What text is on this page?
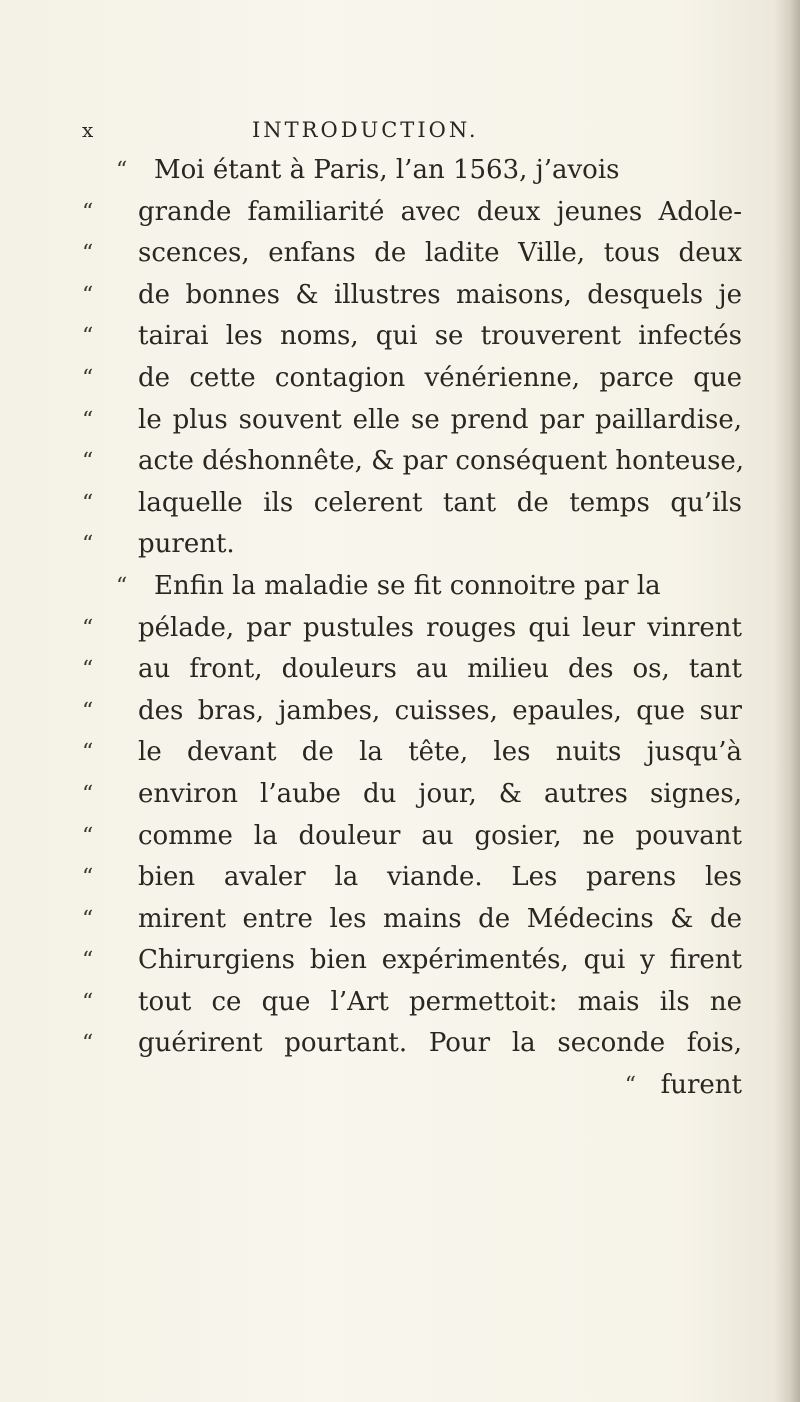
x	INTRODUCTION.
“ Moi étant à Paris, l’an 1563, j’avois
“ grande familiarité avec deux jeunes Adole-
“ scences, enfans de ladite Ville, tous deux
“ de bonnes & illustres maisons, desquels je
“ tairai les noms, qui se trouverent infectés
“ de cette contagion vénérienne, parce que
“ le plus souvent elle se prend par paillardise,
“ acte déshonnête, & par conséquent honteuse,
“ laquelle ils celerent tant de temps qu’ils
“ purent.
“ Enfin la maladie se fit connoitre par la
“ pélade, par pustules rouges qui leur vinrent
“ au front, douleurs au milieu des os, tant
“ des bras, jambes, cuisses, epaules, que sur
“ le devant de la tête, les nuits jusqu’à
“ environ l’aube du jour, & autres signes,
“ comme la douleur au gosier, ne pouvant
“ bien avaler la viande. Les parens les
“ mirent entre les mains de Médecins & de
“ Chirurgiens bien expérimentés, qui y firent
“ tout ce que l’Art permettoit: mais ils ne
“ guérirent pourtant. Pour la seconde fois,
“ furent
